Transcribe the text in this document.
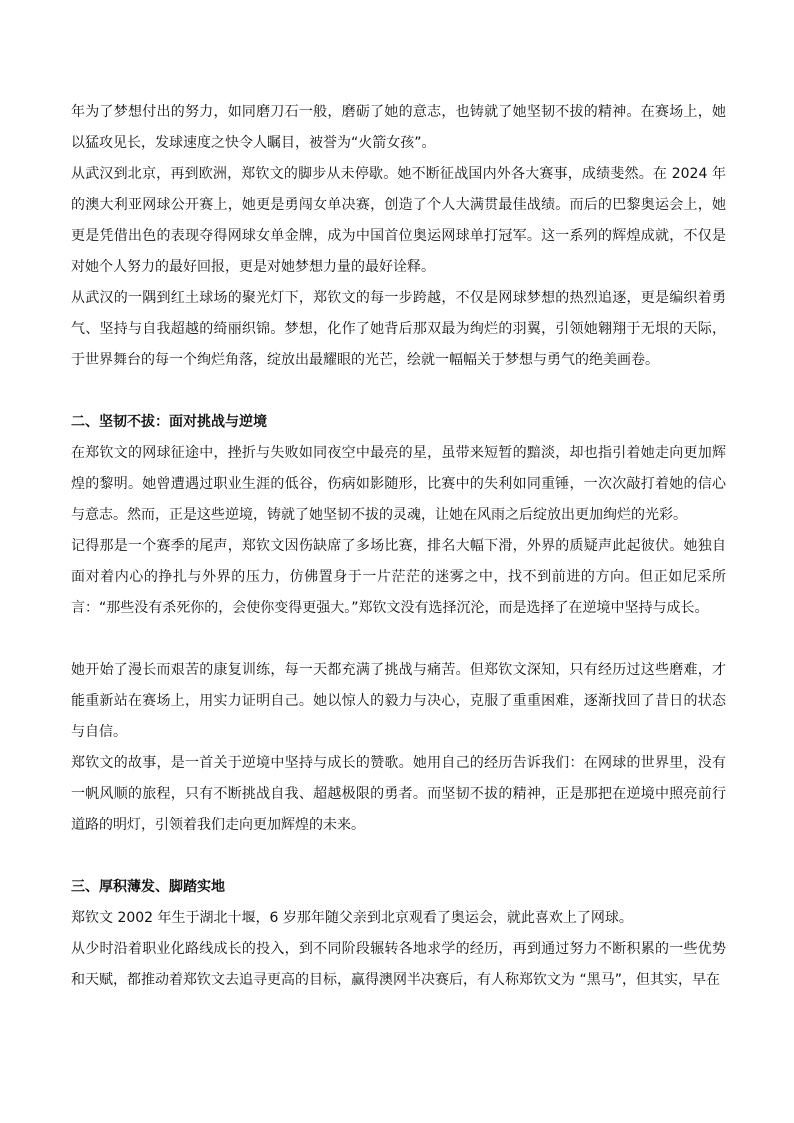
年为了梦想付出的努力，如同磨刀石一般，磨砺了她的意志，也铸就了她坚韧不拔的精神。在赛场上，她以猛攻见长，发球速度之快令人瞩目，被誉为“火箭女孩”。

从武汉到北京，再到欧洲，郑钦文的脚步从未停歇。她不断征战国内外各大赛事，成绩斐然。在 2024 年的澳大利亚网球公开赛上，她更是勇闯女单决赛，创造了个人大满贯最佳战绩。而后的巴黎奥运会上，她更是凭借出色的表现夺得网球女单金牌，成为中国首位奥运网球单打冠军。这一系列的辉煌成就，不仅是对她个人努力的最好回报，更是对她梦想力量的最好诠释。

从武汉的一隅到红土球场的聚光灯下，郑钦文的每一步跨越，不仅是网球梦想的热烈追逐，更是编织着勇气、坚持与自我超越的绮丽织锦。梦想，化作了她背后那双最为绚烂的羽翼，引领她翱翔于无垠的天际，于世界舞台的每一个绚烂角落，绽放出最耀眼的光芒，绘就一幅幅关于梦想与勇气的绝美画卷。

二、坚韧不拔：面对挑战与逆境

在郑钦文的网球征途中，挫折与失败如同夜空中最亮的星，虽带来短暂的黯淡，却也指引着她走向更加辉煌的黎明。她曾遭遇过职业生涯的低谷，伤病如影随形，比赛中的失利如同重锤，一次次敲打着她的信心与意志。然而，正是这些逆境，铸就了她坚韧不拔的灵魂，让她在风雨之后绽放出更加绚烂的光彩。

记得那是一个赛季的尾声，郑钦文因伤缺席了多场比赛，排名大幅下滑，外界的质疑声此起彼伏。她独自面对着内心的挣扎与外界的压力，仿佛置身于一片茫茫的迷雾之中，找不到前进的方向。但正如尼采所言：“那些没有杀死你的，会使你变得更强大。”郑钦文没有选择沉沦，而是选择了在逆境中坚持与成长。

她开始了漫长而艰苦的康复训练，每一天都充满了挑战与痛苦。但郑钦文深知，只有经历过这些磨难，才能重新站在赛场上，用实力证明自己。她以惊人的毅力与决心，克服了重重困难，逐渐找回了昔日的状态与自信。

郑钦文的故事，是一首关于逆境中坚持与成长的赞歌。她用自己的经历告诉我们：在网球的世界里，没有一帆风顺的旅程，只有不断挑战自我、超越极限的勇者。而坚韧不拔的精神，正是那把在逆境中照亮前行道路的明灯，引领着我们走向更加辉煌的未来。

三、厚积薄发、脚踏实地

郑钦文 2002 年生于湖北十堰，6 岁那年随父亲到北京观看了奥运会，就此喜欢上了网球。

从少时沿着职业化路线成长的投入，到不同阶段辗转各地求学的经历，再到通过努力不断积累的一些优势和天赋，都推动着郑钦文去追寻更高的目标，赢得澳网半决赛后，有人称郑钦文为 “黑马”，但其实，早在
